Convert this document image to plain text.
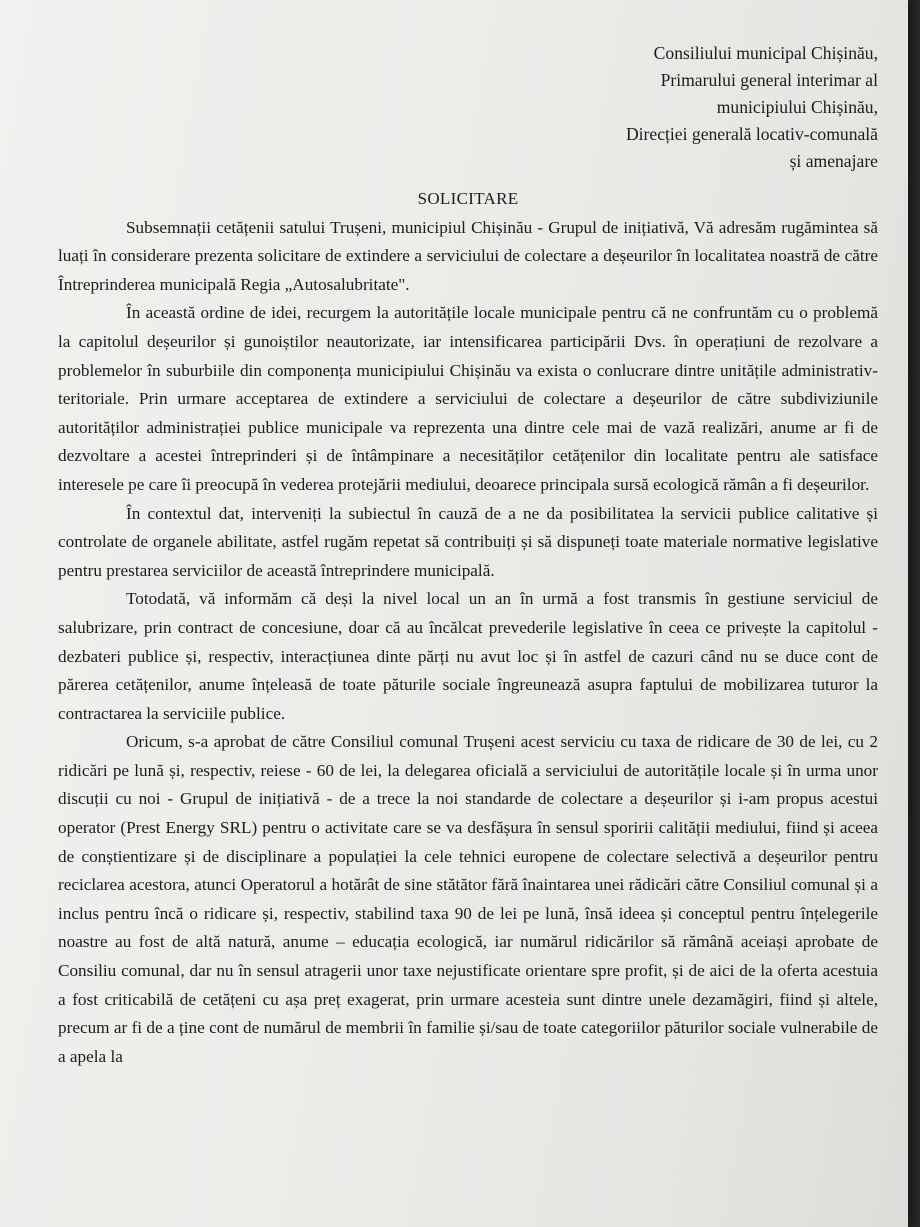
Consiliului municipal Chișinău,
Primarului general interimar al
municipiului Chișinău,
Direcției generală locativ-comunală
și amenajare
SOLICITARE

Subsemnații cetățenii satului Trușeni, municipiul Chișinău - Grupul de inițiativă, Vă adresăm rugămintea să luați în considerare prezenta solicitare de extindere a serviciului de colectare a deșeurilor în localitatea noastră de către Întreprinderea municipală Regia „Autosalubritate".

În această ordine de idei, recurgem la autoritățile locale municipale pentru că ne confruntăm cu o problemă la capitolul deșeurilor și gunoiștilor neautorizate, iar intensificarea participării Dvs. în operațiuni de rezolvare a problemelor în suburbiile din componența municipiului Chișinău va exista o conlucrare dintre unitățile administrativ-teritoriale. Prin urmare acceptarea de extindere a serviciului de colectare a deșeurilor de către subdiviziunile autorităților administrației publice municipale va reprezenta una dintre cele mai de vază realizări, anume ar fi de dezvoltare a acestei întreprinderi și de întâmpinare a necesităților cetățenilor din localitate pentru ale satisface interesele pe care îi preocupă în vederea protejării mediului, deoarece principala sursă ecologică rămân a fi deșeurilor.

În contextul dat, interveniți la subiectul în cauză de a ne da posibilitatea la servicii publice calitative și controlate de organele abilitate, astfel rugăm repetat să contribuiți și să dispuneți toate materiale normative legislative pentru prestarea serviciilor de această întreprindere municipală.

Totodată, vă informăm că deși la nivel local un an în urmă a fost transmis în gestiune serviciul de salubrizare, prin contract de concesiune, doar că au încălcat prevederile legislative în ceea ce privește la capitolul - dezbateri publice și, respectiv, interacțiunea dinte părți nu avut loc și în astfel de cazuri când nu se duce cont de părerea cetățenilor, anume înțeleasă de toate păturile sociale îngreunează asupra faptului de mobilizarea tuturor la contractarea la serviciile publice.

Oricum, s-a aprobat de către Consiliul comunal Trușeni acest serviciu cu taxa de ridicare de 30 de lei, cu 2 ridicări pe lună și, respectiv, reiese - 60 de lei, la delegarea oficială a serviciului de autoritățile locale și în urma unor discuții cu noi - Grupul de inițiativă - de a trece la noi standarde de colectare a deșeurilor și i-am propus acestui operator (Prest Energy SRL) pentru o activitate care se va desfășura în sensul sporirii calității mediului, fiind și aceea de conștientizare și de disciplinare a populației la cele tehnici europene de colectare selectivă a deșeurilor pentru reciclarea acestora, atunci Operatorul a hotărât de sine stătător fără înaintarea unei rădicări către Consiliul comunal și a inclus pentru încă o ridicare și, respectiv, stabilind taxa 90 de lei pe lună, însă ideea și conceptul pentru înțelegerile noastre au fost de altă natură, anume – educația ecologică, iar numărul ridicărilor să rămână aceiași aprobate de Consiliu comunal, dar nu în sensul atragerii unor taxe nejustificate orientare spre profit, și de aici de la oferta acestuia a fost criticabilă de cetățeni cu așa preț exagerat, prin urmare acesteia sunt dintre unele dezamăgiri, fiind și altele, precum ar fi de a ține cont de numărul de membrii în familie și/sau de toate categoriilor păturilor sociale vulnerabile de a apela la
